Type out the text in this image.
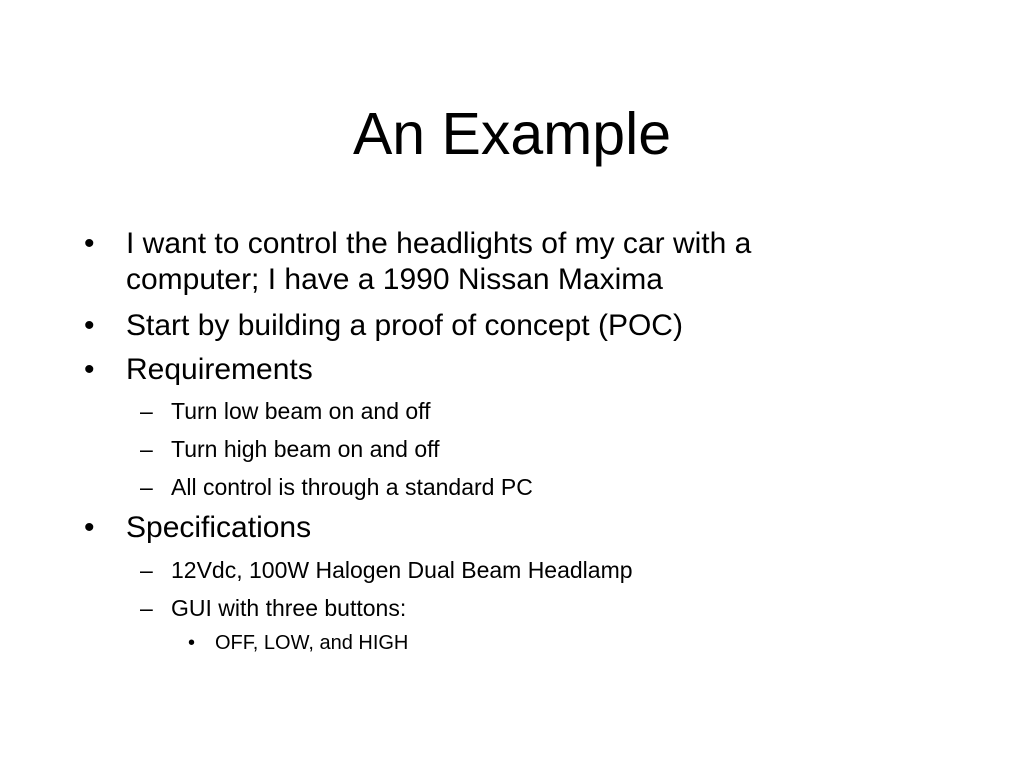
An Example
• I want to control the headlights of my car with a
computer; I have a 1990 Nissan Maxima
• Start by building a proof of concept (POC)
• Requirements
– Turn low beam on and off
– Turn high beam on and off
– All control is through a standard PC
• Specifications
– 12Vdc, 100W Halogen Dual Beam Headlamp
– GUI with three buttons:
• OFF, LOW, and HIGH
